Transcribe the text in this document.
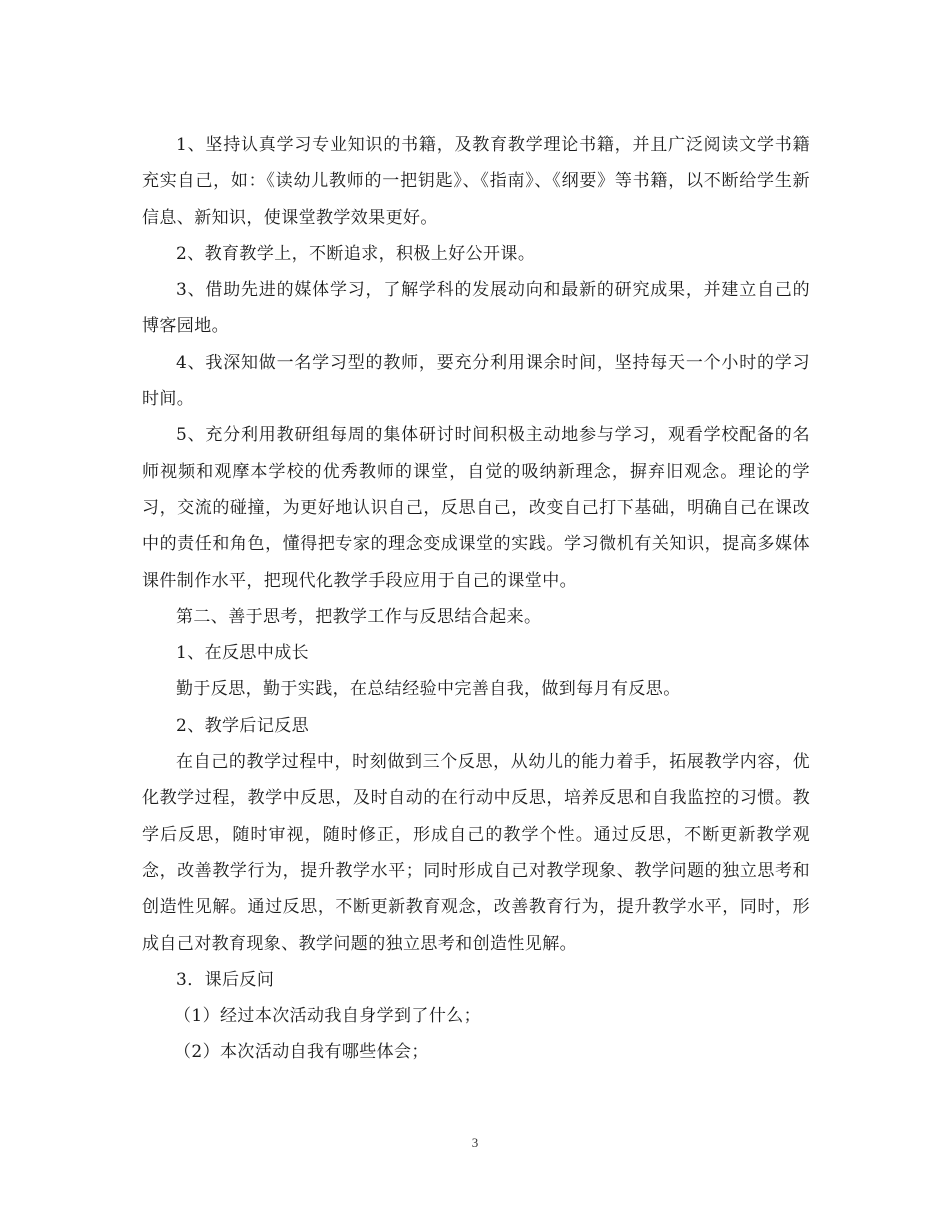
1、坚持认真学习专业知识的书籍，及教育教学理论书籍，并且广泛阅读文学书籍充实自己，如：《读幼儿教师的一把钥匙》、《指南》、《纲要》等书籍，以不断给学生新信息、新知识，使课堂教学效果更好。

2、教育教学上，不断追求，积极上好公开课。

3、借助先进的媒体学习，了解学科的发展动向和最新的研究成果，并建立自己的博客园地。

4、我深知做一名学习型的教师，要充分利用课余时间，坚持每天一个小时的学习时间。

5、充分利用教研组每周的集体研讨时间积极主动地参与学习，观看学校配备的名师视频和观摩本学校的优秀教师的课堂，自觉的吸纳新理念，摒弃旧观念。理论的学习，交流的碰撞，为更好地认识自己，反思自己，改变自己打下基础，明确自己在课改中的责任和角色，懂得把专家的理念变成课堂的实践。学习微机有关知识，提高多媒体课件制作水平，把现代化教学手段应用于自己的课堂中。

第二、善于思考，把教学工作与反思结合起来。

1、在反思中成长

勤于反思，勤于实践，在总结经验中完善自我，做到每月有反思。

2、教学后记反思

在自己的教学过程中，时刻做到三个反思，从幼儿的能力着手，拓展教学内容，优化教学过程，教学中反思，及时自动的在行动中反思，培养反思和自我监控的习惯。教学后反思，随时审视，随时修正，形成自己的教学个性。通过反思，不断更新教学观念，改善教学行为，提升教学水平；同时形成自己对教学现象、教学问题的独立思考和创造性见解。通过反思，不断更新教育观念，改善教育行为，提升教学水平，同时，形成自己对教育现象、教学问题的独立思考和创造性见解。

3．课后反问

（1）经过本次活动我自身学到了什么；

（2）本次活动自我有哪些体会；

3
